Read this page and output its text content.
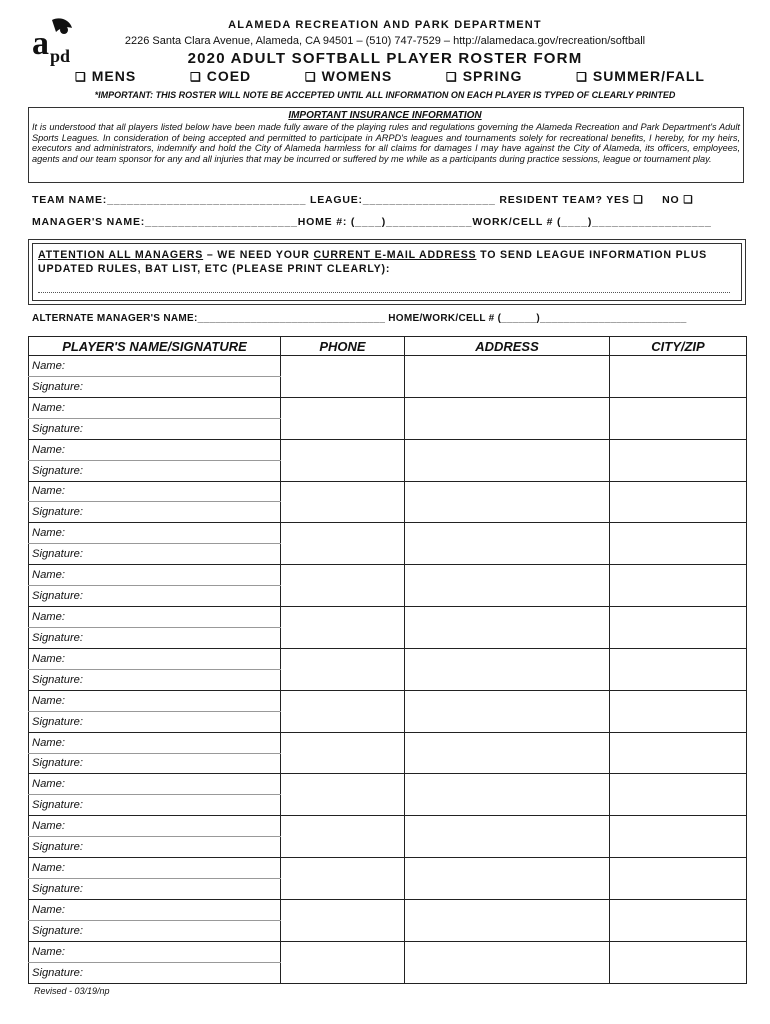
a pd
ALAMEDA RECREATION AND PARK DEPARTMENT
2226 Santa Clara Avenue, Alameda, CA 94501 – (510) 747-7529 – http://alamedaca.gov/recreation/softball
2020 ADULT SOFTBALL PLAYER ROSTER FORM
❑ MENS	❑ COED	❑ WOMENS	❑ SPRING	❑ SUMMER/FALL
*IMPORTANT: THIS ROSTER WILL NOTE BE ACCEPTED UNTIL ALL INFORMATION ON EACH PLAYER IS TYPED OF CLEARLY PRINTED
IMPORTANT INSURANCE INFORMATION
It is understood that all players listed below have been made fully aware of the playing rules and regulations governing the Alameda Recreation and Park Department's Adult Sports Leagues. In consideration of being accepted and permitted to participate in ARPD's leagues and tournaments solely for recreational benefits, I hereby, for my heirs, executors and administrators, indemnify and hold the City of Alameda harmless for all claims for damages I may have against the City of Alameda, its officers, employees, agents and our team sponsor for any and all injuries that may be incurred or suffered by me while as a participants during practice sessions, league or tournament play.
TEAM NAME:______________________________ LEAGUE:____________________ RESIDENT TEAM? YES ❑     NO ❑
MANAGER'S NAME:_______________________HOME #: (____)_____________WORK/CELL # (____)__________________
ATTENTION ALL MANAGERS – WE NEED YOUR CURRENT E-MAIL ADDRESS TO SEND LEAGUE INFORMATION PLUS UPDATED RULES, BAT LIST, ETC (PLEASE PRINT CLEARLY):
ALTERNATE MANAGER'S NAME:________________________________ HOME/WORK/CELL # (______)_________________________
PLAYER'S NAME/SIGNATURE	PHONE	ADDRESS	CITY/ZIP
Name:			
Signature:			
Name:			
Signature:			
Name:			
Signature:			
Name:			
Signature:			
Name:			
Signature:			
Name:			
Signature:			
Name:			
Signature:			
Name:			
Signature:			
Name:			
Signature:			
Name:			
Signature:			
Name:			
Signature:			
Name:			
Signature:			
Name:			
Signature:			
Name:			
Signature:			
Name:			
Signature:			
Revised - 03/19/np
